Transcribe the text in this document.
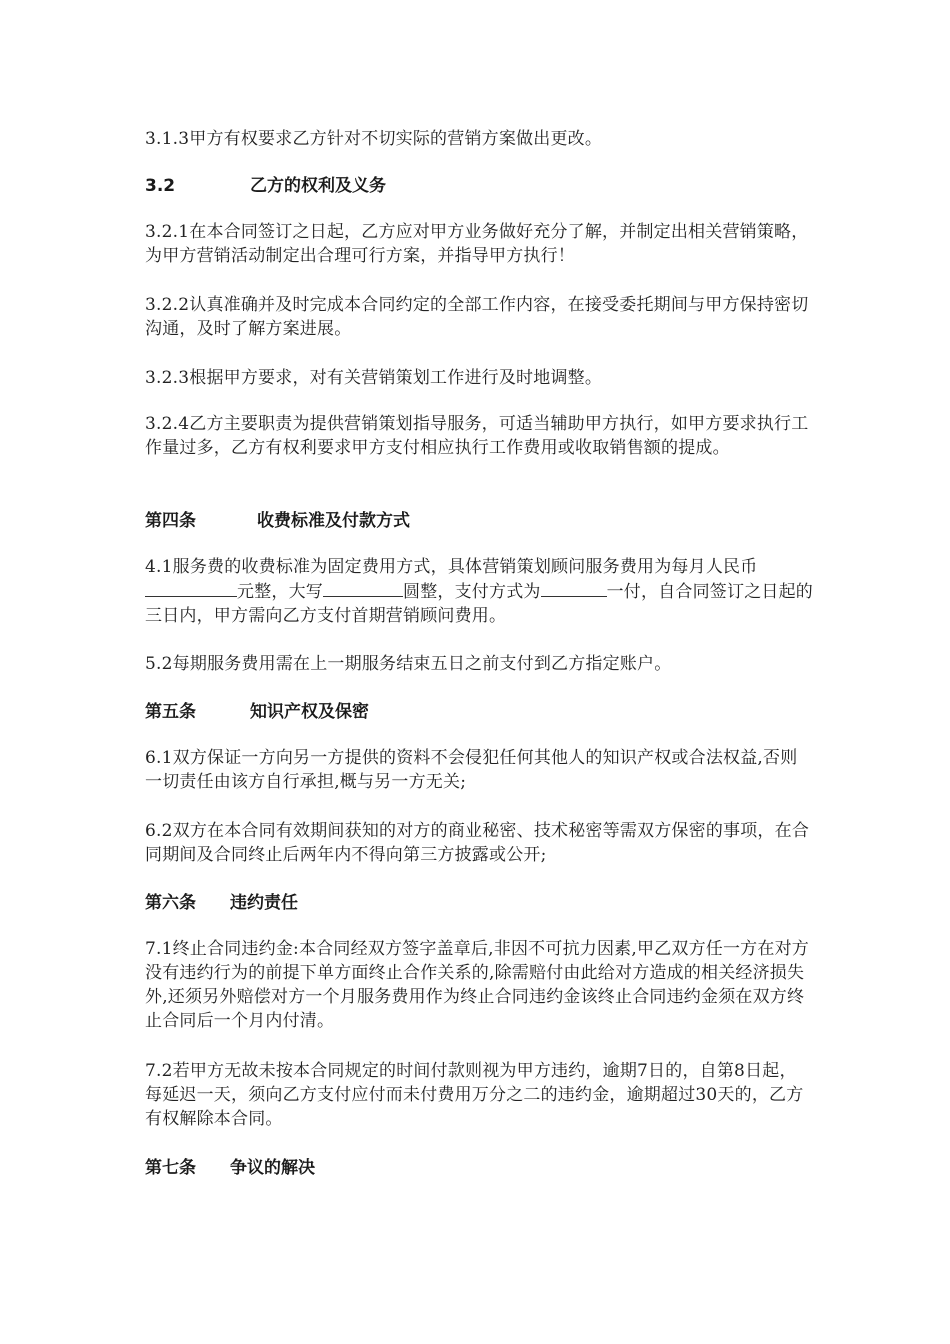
3.1.3甲方有权要求乙方针对不切实际的营销方案做出更改。
3.2	乙方的权利及义务
3.2.1在本合同签订之日起，乙方应对甲方业务做好充分了解，并制定出相关营销策略，为甲方营销活动制定出合理可行方案，并指导甲方执行！
3.2.2认真准确并及时完成本合同约定的全部工作内容，在接受委托期间与甲方保持密切沟通，及时了解方案进展。
3.2.3根据甲方要求，对有关营销策划工作进行及时地调整。
3.2.4乙方主要职责为提供营销策划指导服务，可适当辅助甲方执行，如甲方要求执行工作量过多，乙方有权利要求甲方支付相应执行工作费用或收取销售额的提成。
第四条	收费标准及付款方式
4.1服务费的收费标准为固定费用方式，具体营销策划顾问服务费用为每月人民币元整，大写	圆整，支付方式为	一付，自合同签订之日起的三日内，甲方需向乙方支付首期营销顾问费用。
5.2每期服务费用需在上一期服务结束五日之前支付到乙方指定账户。
第五条	知识产权及保密
6.1双方保证一方向另一方提供的资料不会侵犯任何其他人的知识产权或合法权益,否则一切责任由该方自行承担,概与另一方无关;
6.2双方在本合同有效期间获知的对方的商业秘密、技术秘密等需双方保密的事项，在合同期间及合同终止后两年内不得向第三方披露或公开;
第六条 违约责任
7.1终止合同违约金:本合同经双方签字盖章后,非因不可抗力因素,甲乙双方任一方在对方没有违约行为的前提下单方面终止合作关系的,除需赔付由此给对方造成的相关经济损失外,还须另外赔偿对方一个月服务费用作为终止合同违约金该终止合同违约金须在双方终止合同后一个月内付清。
7.2若甲方无故未按本合同规定的时间付款则视为甲方违约，逾期7日的，自第8日起，每延迟一天，须向乙方支付应付而未付费用万分之二的违约金，逾期超过30天的，乙方有权解除本合同。
第七条 争议的解决
